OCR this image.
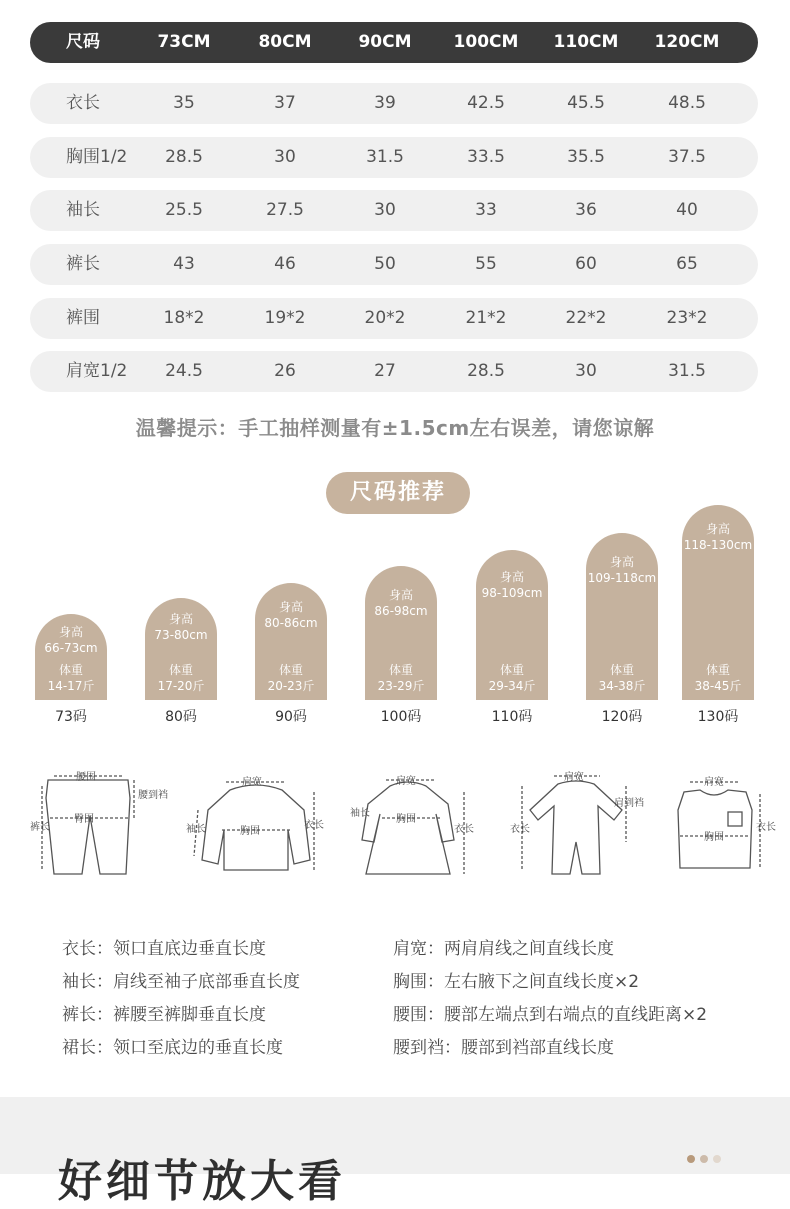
尺码	73CM	80CM	90CM	100CM	110CM	120CM
衣长	35	37	39	42.5	45.5	48.5
胸围1/2	28.5	30	31.5	33.5	35.5	37.5
袖长	25.5	27.5	30	33	36	40
裤长	43	46	50	55	60	65
裤围	18*2	19*2	20*2	21*2	22*2	23*2
肩宽1/2	24.5	26	27	28.5	30	31.5
温馨提示：手工抽样测量有±1.5cm左右误差，请您谅解
尺码推荐
身高
66-73cm
体重
14-17斤
身高
73-80cm
体重
17-20斤
身高
80-86cm
体重
20-23斤
身高
86-98cm
体重
23-29斤
身高
98-109cm
体重
29-34斤
身高
109-118cm
体重
34-38斤
身高
118-130cm
体重
38-45斤
73码	80码	90码	100码	110码	120码	130码
腰围
臀围
腰到裆
裤长
肩宽
胸围
衣长
袖长
肩宽
胸围
衣长
袖长
肩宽
衣长
肩到裆
肩宽
胸围
衣长
衣长：领口直底边垂直长度
袖长：肩线至袖子底部垂直长度
裤长：裤腰至裤脚垂直长度
裙长：领口至底边的垂直长度
肩宽：两肩肩线之间直线长度
胸围：左右腋下之间直线长度×2
腰围：腰部左端点到右端点的直线距离×2
腰到裆：腰部到裆部直线长度
好细节放大看
